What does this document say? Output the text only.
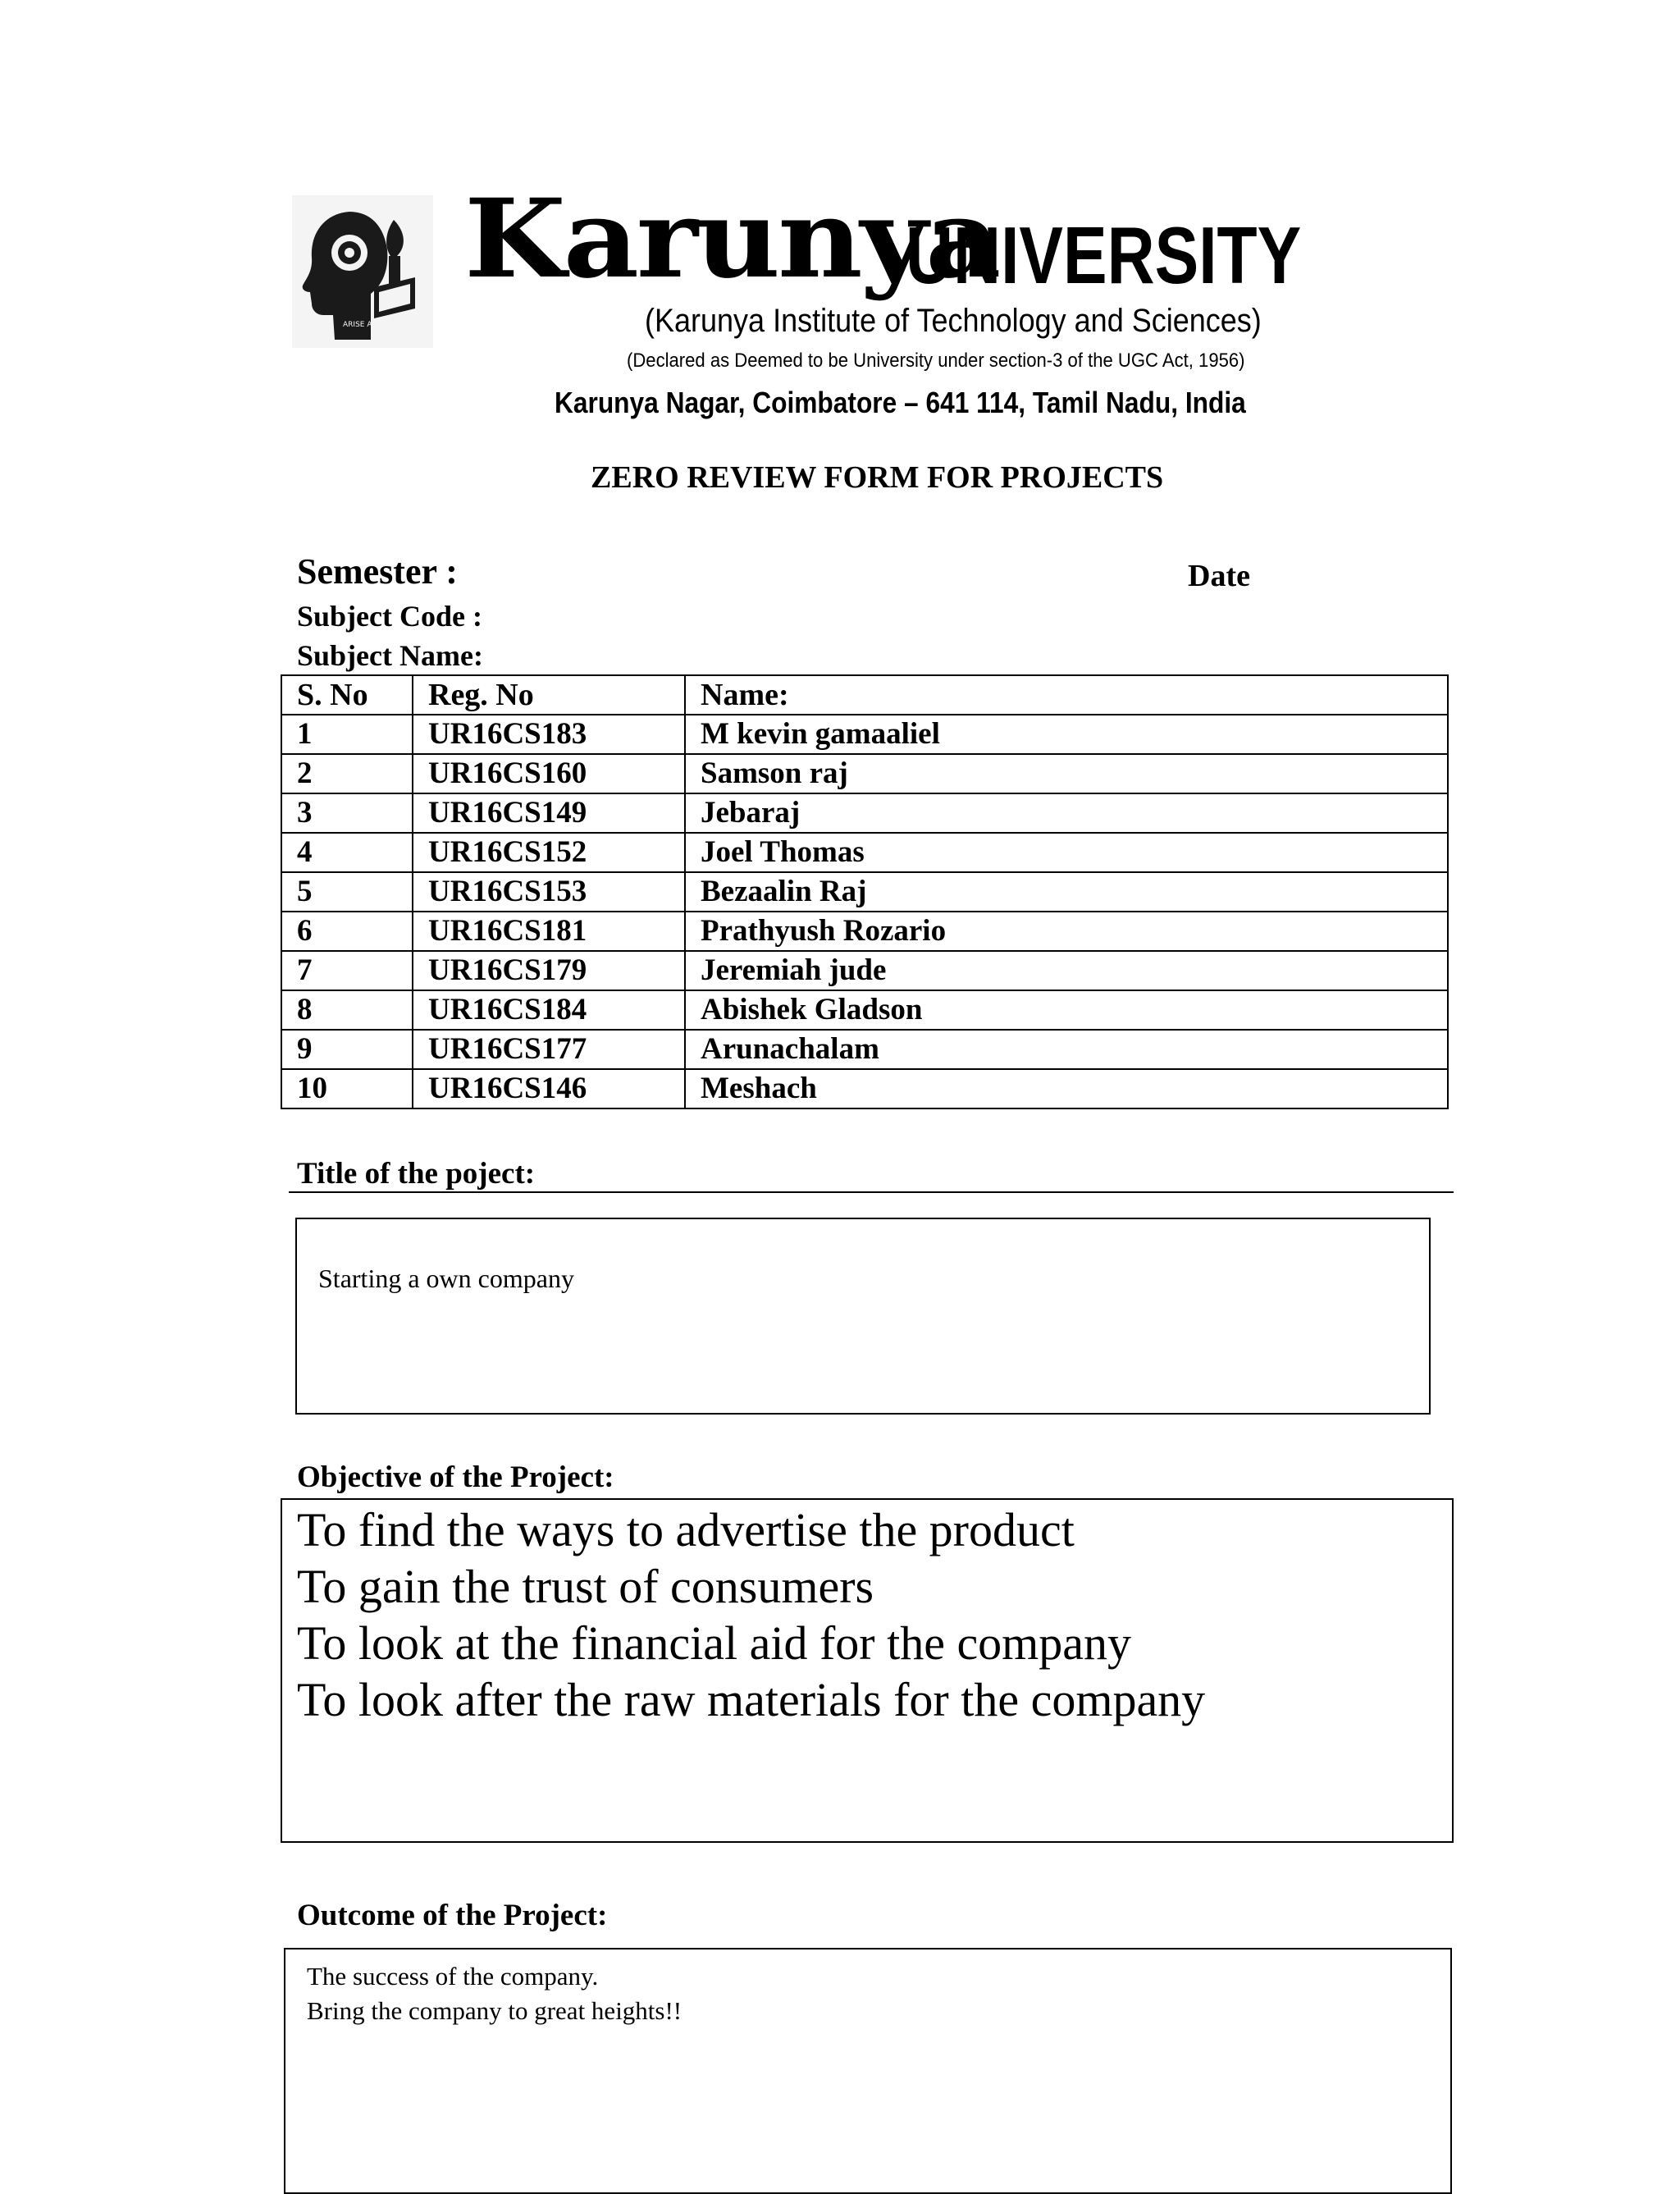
ARISE AND SHINE
Karunya
UNIVERSITY
(Karunya Institute of Technology and Sciences)
(Declared as Deemed to be University under section-3 of the UGC Act, 1956)
Karunya Nagar, Coimbatore – 641 114, Tamil Nadu, India
ZERO REVIEW FORM FOR PROJECTS
Semester :	Date
Subject Code :
Subject Name:
S. No	Reg. No	Name:
1	UR16CS183	M kevin gamaaliel
2	UR16CS160	Samson raj
3	UR16CS149	Jebaraj
4	UR16CS152	Joel Thomas
5	UR16CS153	Bezaalin Raj
6	UR16CS181	Prathyush Rozario
7	UR16CS179	Jeremiah jude
8	UR16CS184	Abishek Gladson
9	UR16CS177	Arunachalam
10	UR16CS146	Meshach
Title of the poject:
Starting a own company
Objective of the Project:
To find the ways to advertise the product
To gain the trust of consumers
To look at the financial aid for the company
To look after the raw materials for the company
Outcome of the Project:
The success of the company.
Bring the company to great heights!!
